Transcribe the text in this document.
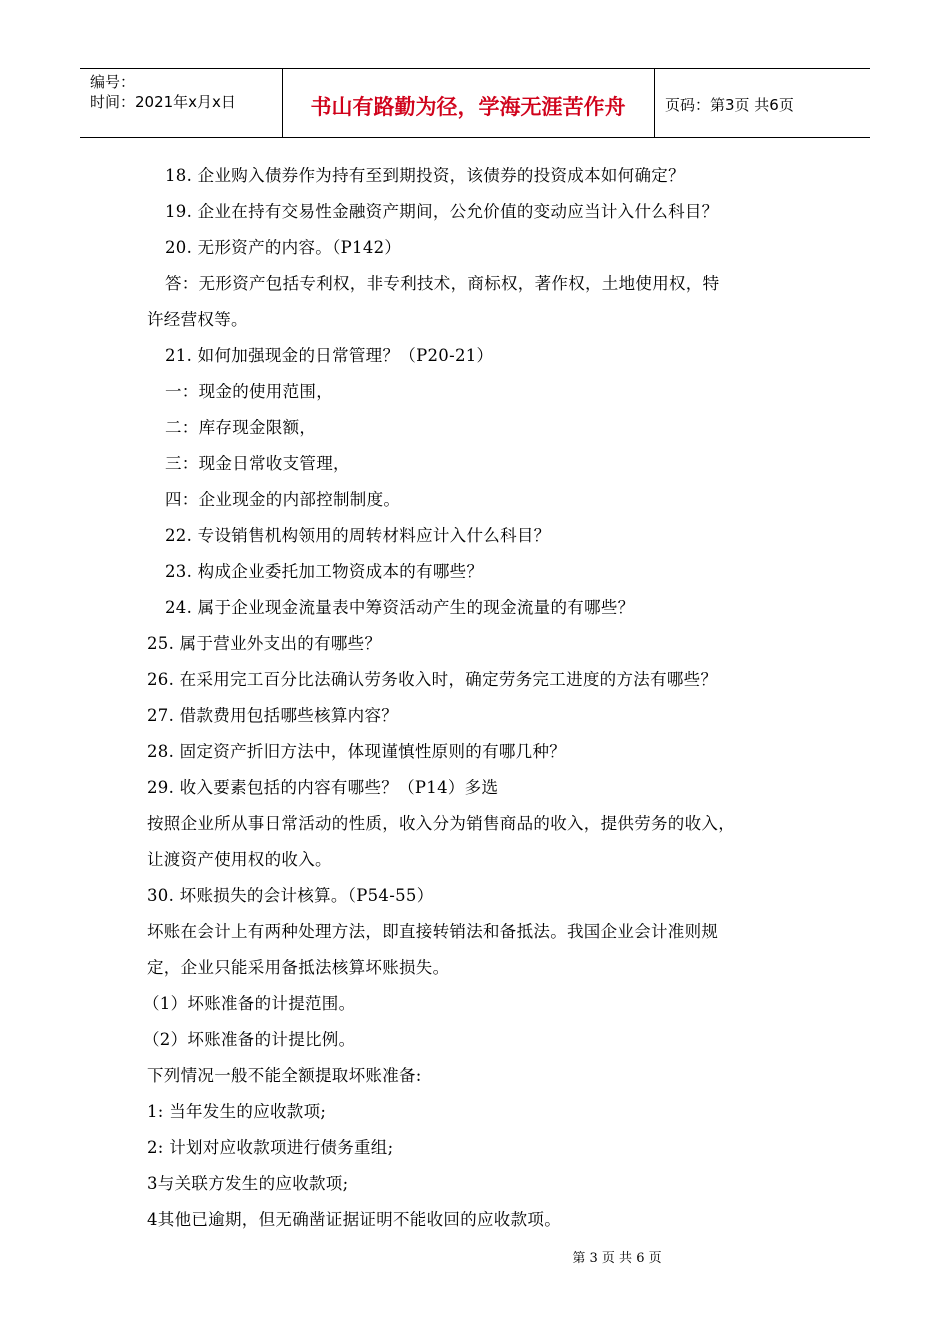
编号：
时间：2021年x月x日	书山有路勤为径，学海无涯苦作舟	页码：第3页 共6页
18. 企业购入债券作为持有至到期投资，该债券的投资成本如何确定？
19. 企业在持有交易性金融资产期间，公允价值的变动应当计入什么科目？
20. 无形资产的内容。（P142）
答：无形资产包括专利权，非专利技术，商标权，著作权，土地使用权，特
许经营权等。
21. 如何加强现金的日常管理？（P20-21）
一：现金的使用范围，
二：库存现金限额，
三：现金日常收支管理，
四：企业现金的内部控制制度。
22. 专设销售机构领用的周转材料应计入什么科目？
23. 构成企业委托加工物资成本的有哪些？
24. 属于企业现金流量表中筹资活动产生的现金流量的有哪些？
25. 属于营业外支出的有哪些？
26. 在采用完工百分比法确认劳务收入时，确定劳务完工进度的方法有哪些？
27. 借款费用包括哪些核算内容？
28. 固定资产折旧方法中，体现谨慎性原则的有哪几种？
29. 收入要素包括的内容有哪些？（P14）多选
按照企业所从事日常活动的性质，收入分为销售商品的收入，提供劳务的收入，
让渡资产使用权的收入。
30. 坏账损失的会计核算。（P54-55）
坏账在会计上有两种处理方法，即直接转销法和备抵法。我国企业会计准则规
定，企业只能采用备抵法核算坏账损失。
（1）坏账准备的计提范围。
（2）坏账准备的计提比例。
下列情况一般不能全额提取坏账准备:
1: 当年发生的应收款项;
2: 计划对应收款项进行债务重组;
3与关联方发生的应收款项;
4其他已逾期，但无确凿证据证明不能收回的应收款项。
第 3 页 共 6 页
